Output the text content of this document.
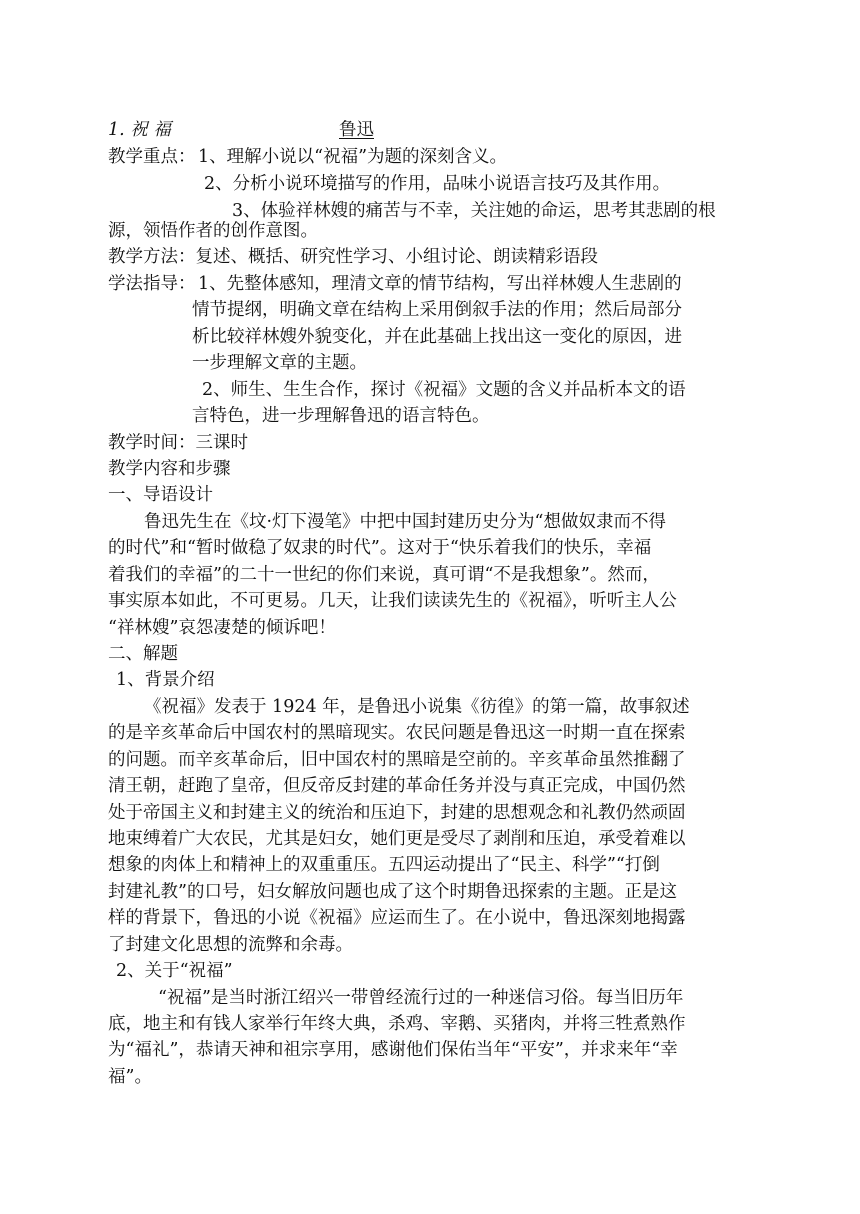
1. 祝 福	鲁迅
教学重点： 1、理解小说以“祝福”为题的深刻含义。
2、分析小说环境描写的作用，品味小说语言技巧及其作用。
3、体验祥林嫂的痛苦与不幸，关注她的命运，思考其悲剧的根
源，领悟作者的创作意图。
教学方法：复述、概括、研究性学习、小组讨论、朗读精彩语段
学法指导： 1、先整体感知，理清文章的情节结构，写出祥林嫂人生悲剧的
情节提纲，明确文章在结构上采用倒叙手法的作用；然后局部分
析比较祥林嫂外貌变化，并在此基础上找出这一变化的原因，进
一步理解文章的主题。
2、师生、生生合作，探讨《祝福》文题的含义并品析本文的语
言特色，进一步理解鲁迅的语言特色。
教学时间：三课时
教学内容和步骤
一、导语设计
鲁迅先生在《坟·灯下漫笔》中把中国封建历史分为“想做奴隶而不得
的时代”和“暂时做稳了奴隶的时代”。这对于“快乐着我们的快乐，幸福
着我们的幸福”的二十一世纪的你们来说，真可谓“不是我想象”。然而，
事实原本如此，不可更易。几天，让我们读读先生的《祝福》，听听主人公
“祥林嫂”哀怨凄楚的倾诉吧！
二、解题
1、背景介绍
《祝福》发表于 1924 年，是鲁迅小说集《彷徨》的第一篇，故事叙述
的是辛亥革命后中国农村的黑暗现实。农民问题是鲁迅这一时期一直在探索
的问题。而辛亥革命后，旧中国农村的黑暗是空前的。辛亥革命虽然推翻了
清王朝，赶跑了皇帝，但反帝反封建的革命任务并没与真正完成，中国仍然
处于帝国主义和封建主义的统治和压迫下，封建的思想观念和礼教仍然顽固
地束缚着广大农民，尤其是妇女，她们更是受尽了剥削和压迫，承受着难以
想象的肉体上和精神上的双重重压。五四运动提出了“民主、科学”“打倒
封建礼教”的口号，妇女解放问题也成了这个时期鲁迅探索的主题。正是这
样的背景下，鲁迅的小说《祝福》应运而生了。在小说中，鲁迅深刻地揭露
了封建文化思想的流弊和余毒。
2、关于“祝福”
“祝福”是当时浙江绍兴一带曾经流行过的一种迷信习俗。每当旧历年
底，地主和有钱人家举行年终大典，杀鸡、宰鹅、买猪肉，并将三牲煮熟作
为“福礼”，恭请天神和祖宗享用，感谢他们保佑当年“平安”，并求来年“幸
福”。
